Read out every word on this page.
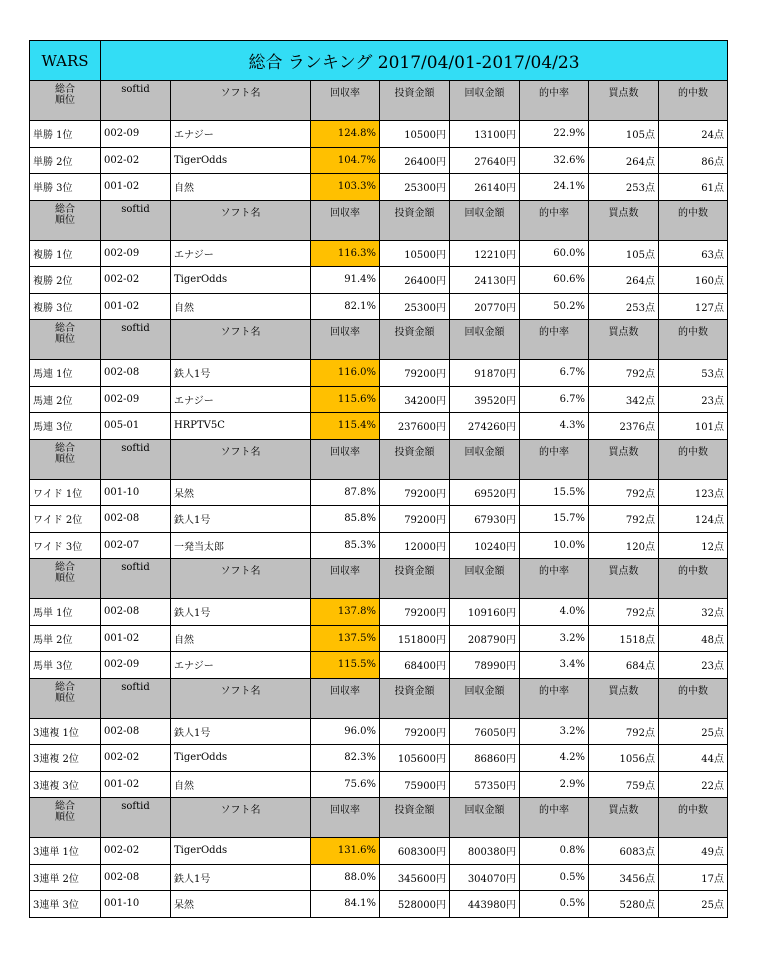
WARS	総合 ランキング 2017/04/01-2017/04/23							
総合
順位	softid	ソフト名	回収率	投資金額	回収金額	的中率	買点数	的中数
単勝 1位	002-09	エナジー	124.8%	10500円	13100円	22.9%	105点	24点
単勝 2位	002-02	TigerOdds	104.7%	26400円	27640円	32.6%	264点	86点
単勝 3位	001-02	自然	103.3%	25300円	26140円	24.1%	253点	61点
総合
順位	softid	ソフト名	回収率	投資金額	回収金額	的中率	買点数	的中数
複勝 1位	002-09	エナジー	116.3%	10500円	12210円	60.0%	105点	63点
複勝 2位	002-02	TigerOdds	91.4%	26400円	24130円	60.6%	264点	160点
複勝 3位	001-02	自然	82.1%	25300円	20770円	50.2%	253点	127点
総合
順位	softid	ソフト名	回収率	投資金額	回収金額	的中率	買点数	的中数
馬連 1位	002-08	鉄人1号	116.0%	79200円	91870円	6.7%	792点	53点
馬連 2位	002-09	エナジー	115.6%	34200円	39520円	6.7%	342点	23点
馬連 3位	005-01	HRPTV5C	115.4%	237600円	274260円	4.3%	2376点	101点
総合
順位	softid	ソフト名	回収率	投資金額	回収金額	的中率	買点数	的中数
ワイド 1位	001-10	呆然	87.8%	79200円	69520円	15.5%	792点	123点
ワイド 2位	002-08	鉄人1号	85.8%	79200円	67930円	15.7%	792点	124点
ワイド 3位	002-07	一発当太郎	85.3%	12000円	10240円	10.0%	120点	12点
総合
順位	softid	ソフト名	回収率	投資金額	回収金額	的中率	買点数	的中数
馬単 1位	002-08	鉄人1号	137.8%	79200円	109160円	4.0%	792点	32点
馬単 2位	001-02	自然	137.5%	151800円	208790円	3.2%	1518点	48点
馬単 3位	002-09	エナジー	115.5%	68400円	78990円	3.4%	684点	23点
総合
順位	softid	ソフト名	回収率	投資金額	回収金額	的中率	買点数	的中数
3連複 1位	002-08	鉄人1号	96.0%	79200円	76050円	3.2%	792点	25点
3連複 2位	002-02	TigerOdds	82.3%	105600円	86860円	4.2%	1056点	44点
3連複 3位	001-02	自然	75.6%	75900円	57350円	2.9%	759点	22点
総合
順位	softid	ソフト名	回収率	投資金額	回収金額	的中率	買点数	的中数
3連単 1位	002-02	TigerOdds	131.6%	608300円	800380円	0.8%	6083点	49点
3連単 2位	002-08	鉄人1号	88.0%	345600円	304070円	0.5%	3456点	17点
3連単 3位	001-10	呆然	84.1%	528000円	443980円	0.5%	5280点	25点
